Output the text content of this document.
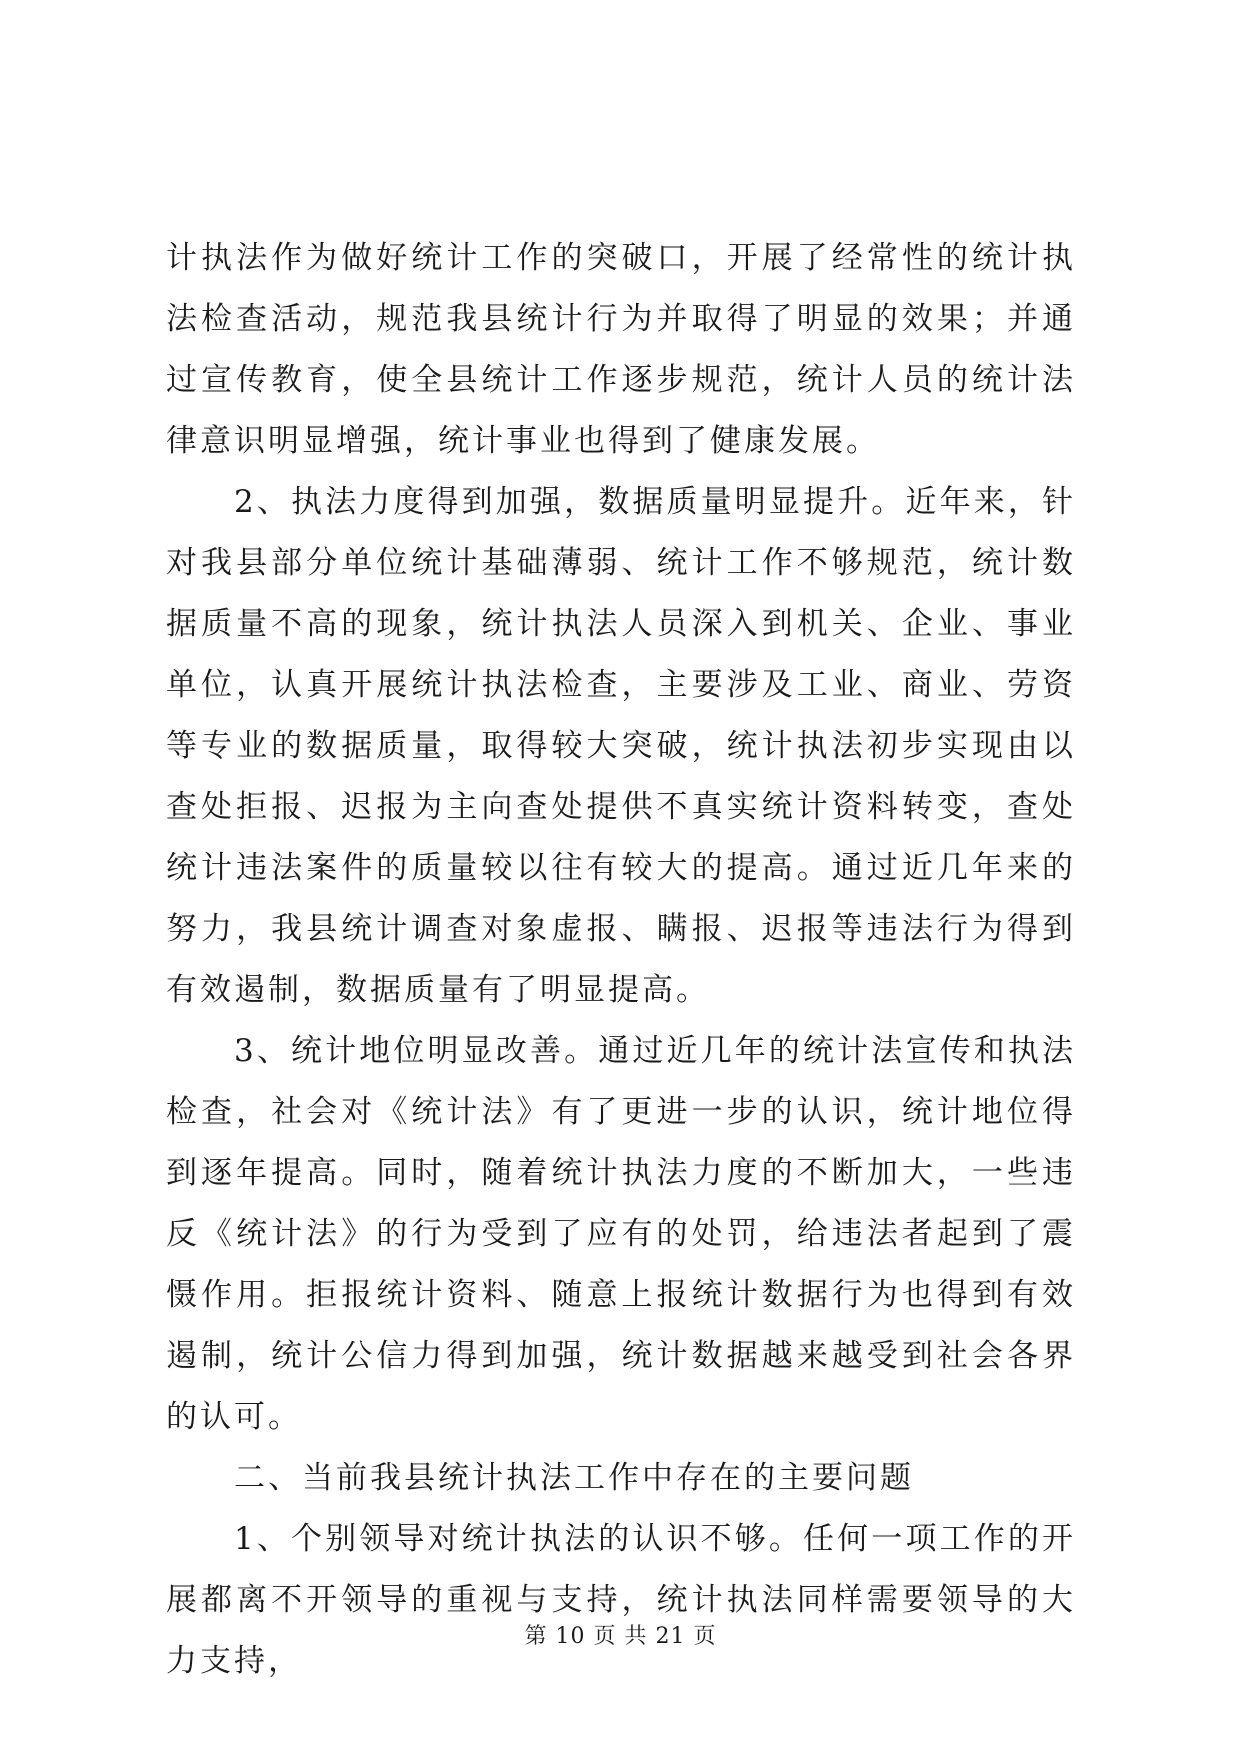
计执法作为做好统计工作的突破口，开展了经常性的统计执法检查活动，规范我县统计行为并取得了明显的效果；并通过宣传教育，使全县统计工作逐步规范，统计人员的统计法律意识明显增强，统计事业也得到了健康发展。

2、执法力度得到加强，数据质量明显提升。近年来，针对我县部分单位统计基础薄弱、统计工作不够规范，统计数据质量不高的现象，统计执法人员深入到机关、企业、事业单位，认真开展统计执法检查，主要涉及工业、商业、劳资等专业的数据质量，取得较大突破，统计执法初步实现由以查处拒报、迟报为主向查处提供不真实统计资料转变，查处统计违法案件的质量较以往有较大的提高。通过近几年来的努力，我县统计调查对象虚报、瞒报、迟报等违法行为得到有效遏制，数据质量有了明显提高。

3、统计地位明显改善。通过近几年的统计法宣传和执法检查，社会对《统计法》有了更进一步的认识，统计地位得到逐年提高。同时，随着统计执法力度的不断加大，一些违反《统计法》的行为受到了应有的处罚，给违法者起到了震慑作用。拒报统计资料、随意上报统计数据行为也得到有效遏制，统计公信力得到加强，统计数据越来越受到社会各界的认可。

二、当前我县统计执法工作中存在的主要问题

1、个别领导对统计执法的认识不够。任何一项工作的开展都离不开领导的重视与支持，统计执法同样需要领导的大力支持，

第 10 页 共 21 页
